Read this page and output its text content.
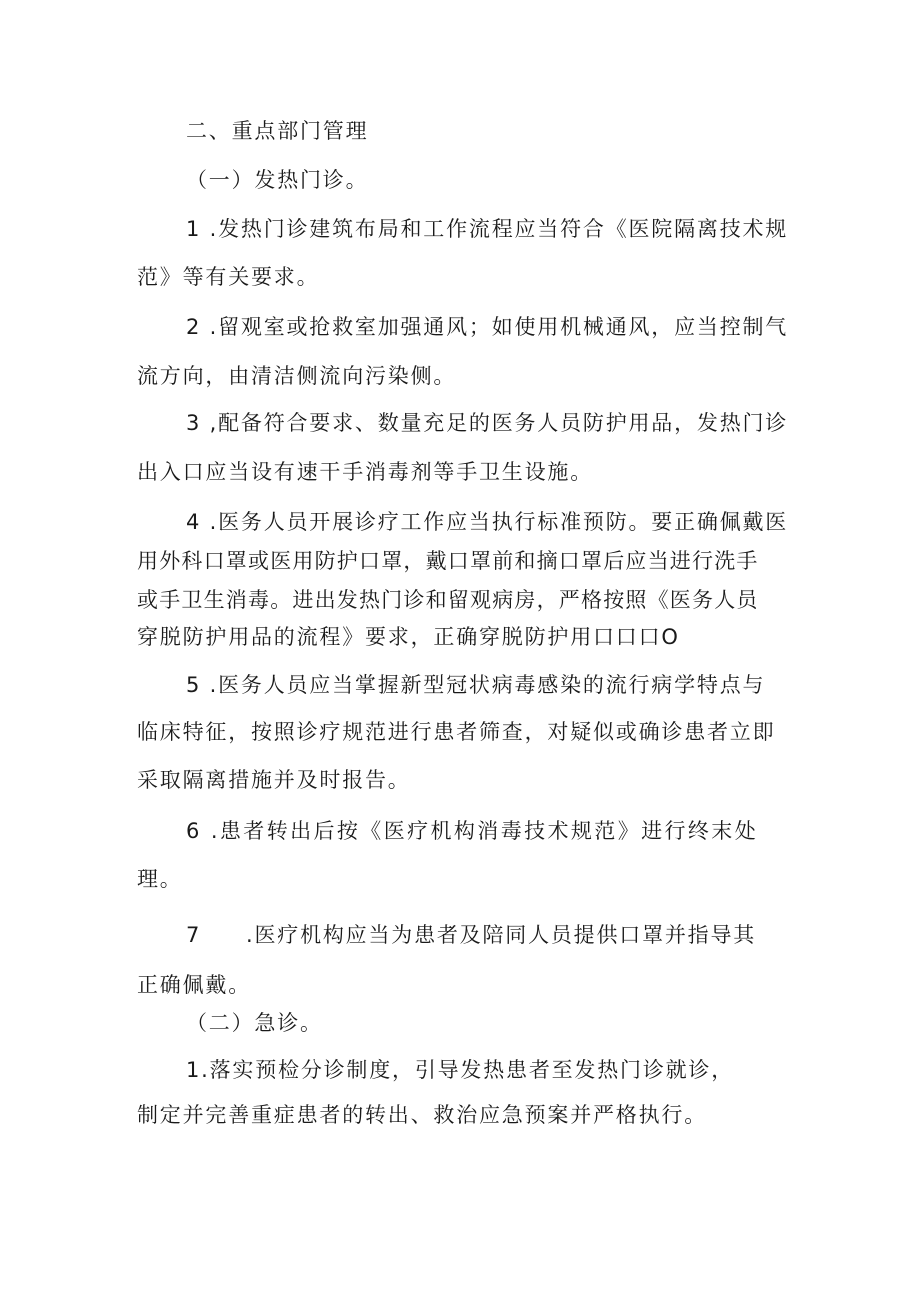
二、重点部门管理
（一）发热门诊。
1 .发热门诊建筑布局和工作流程应当符合《医院隔离技术规
范》等有关要求。
2 .留观室或抢救室加强通风；如使用机械通风，应当控制气
流方向，由清洁侧流向污染侧。
3 ,配备符合要求、数量充足的医务人员防护用品，发热门诊
出入口应当设有速干手消毒剂等手卫生设施。
4 .医务人员开展诊疗工作应当执行标准预防。要正确佩戴医
用外科口罩或医用防护口罩，戴口罩前和摘口罩后应当进行洗手
或手卫生消毒。进出发热门诊和留观病房，严格按照《医务人员
穿脱防护用品的流程》要求，正确穿脱防护用口口口O
5 .医务人员应当掌握新型冠状病毒感染的流行病学特点与
临床特征，按照诊疗规范进行患者筛查，对疑似或确诊患者立即
采取隔离措施并及时报告。
6 .患者转出后按《医疗机构消毒技术规范》进行终末处
理。
7 .医疗机构应当为患者及陪同人员提供口罩并指导其
正确佩戴。
（二）急诊。
1.落实预检分诊制度，引导发热患者至发热门诊就诊，
制定并完善重症患者的转出、救治应急预案并严格执行。
